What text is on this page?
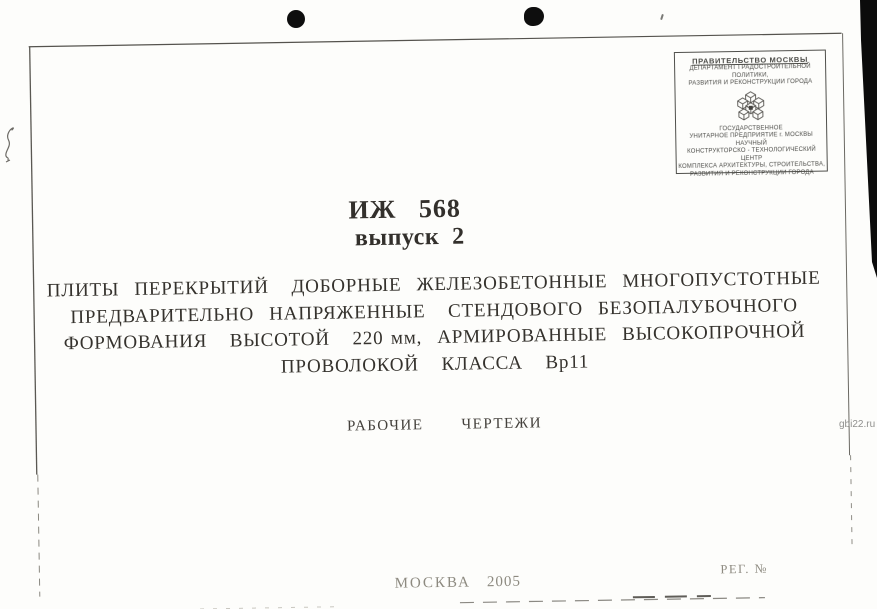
ПРАВИТЕЛЬСТВО МОСКВЫ
ДЕПАРТАМЕНТ ГРАДОСТРОИТЕЛЬНОЙ ПОЛИТИКИ,
РАЗВИТИЯ И РЕКОНСТРУКЦИИ ГОРОДА
ГОСУДАРСТВЕННОЕ
УНИТАРНОЕ ПРЕДПРИЯТИЕ г. МОСКВЫ
НАУЧНЫЙ
КОНСТРУКТОРСКО - ТЕХНОЛОГИЧЕСКИЙ ЦЕНТР
КОМПЛЕКСА АРХИТЕКТУРЫ, СТРОИТЕЛЬСТВА,
РАЗВИТИЯ И РЕКОНСТРУКЦИИ ГОРОДА
ИЖ   568
выпуск  2
ПЛИТЫ  ПЕРЕКРЫТИЙ   ДОБОРНЫЕ  ЖЕЛЕЗОБЕТОННЫЕ  МНОГОПУСТОТНЫЕ
ПРЕДВАРИТЕЛЬНО  НАПРЯЖЕННЫЕ   СТЕНДОВОГО  БЕЗОПАЛУБОЧНОГО
ФОРМОВАНИЯ   ВЫСОТОЙ   220 мм,  АРМИРОВАННЫЕ  ВЫСОКОПРОЧНОЙ
ПРОВОЛОКОЙ   КЛАССА   Вр11
РАБОЧИЕ	ЧЕРТЕЖИ
МОСКВА 2005
РЕГ. №
gbi22.ru
